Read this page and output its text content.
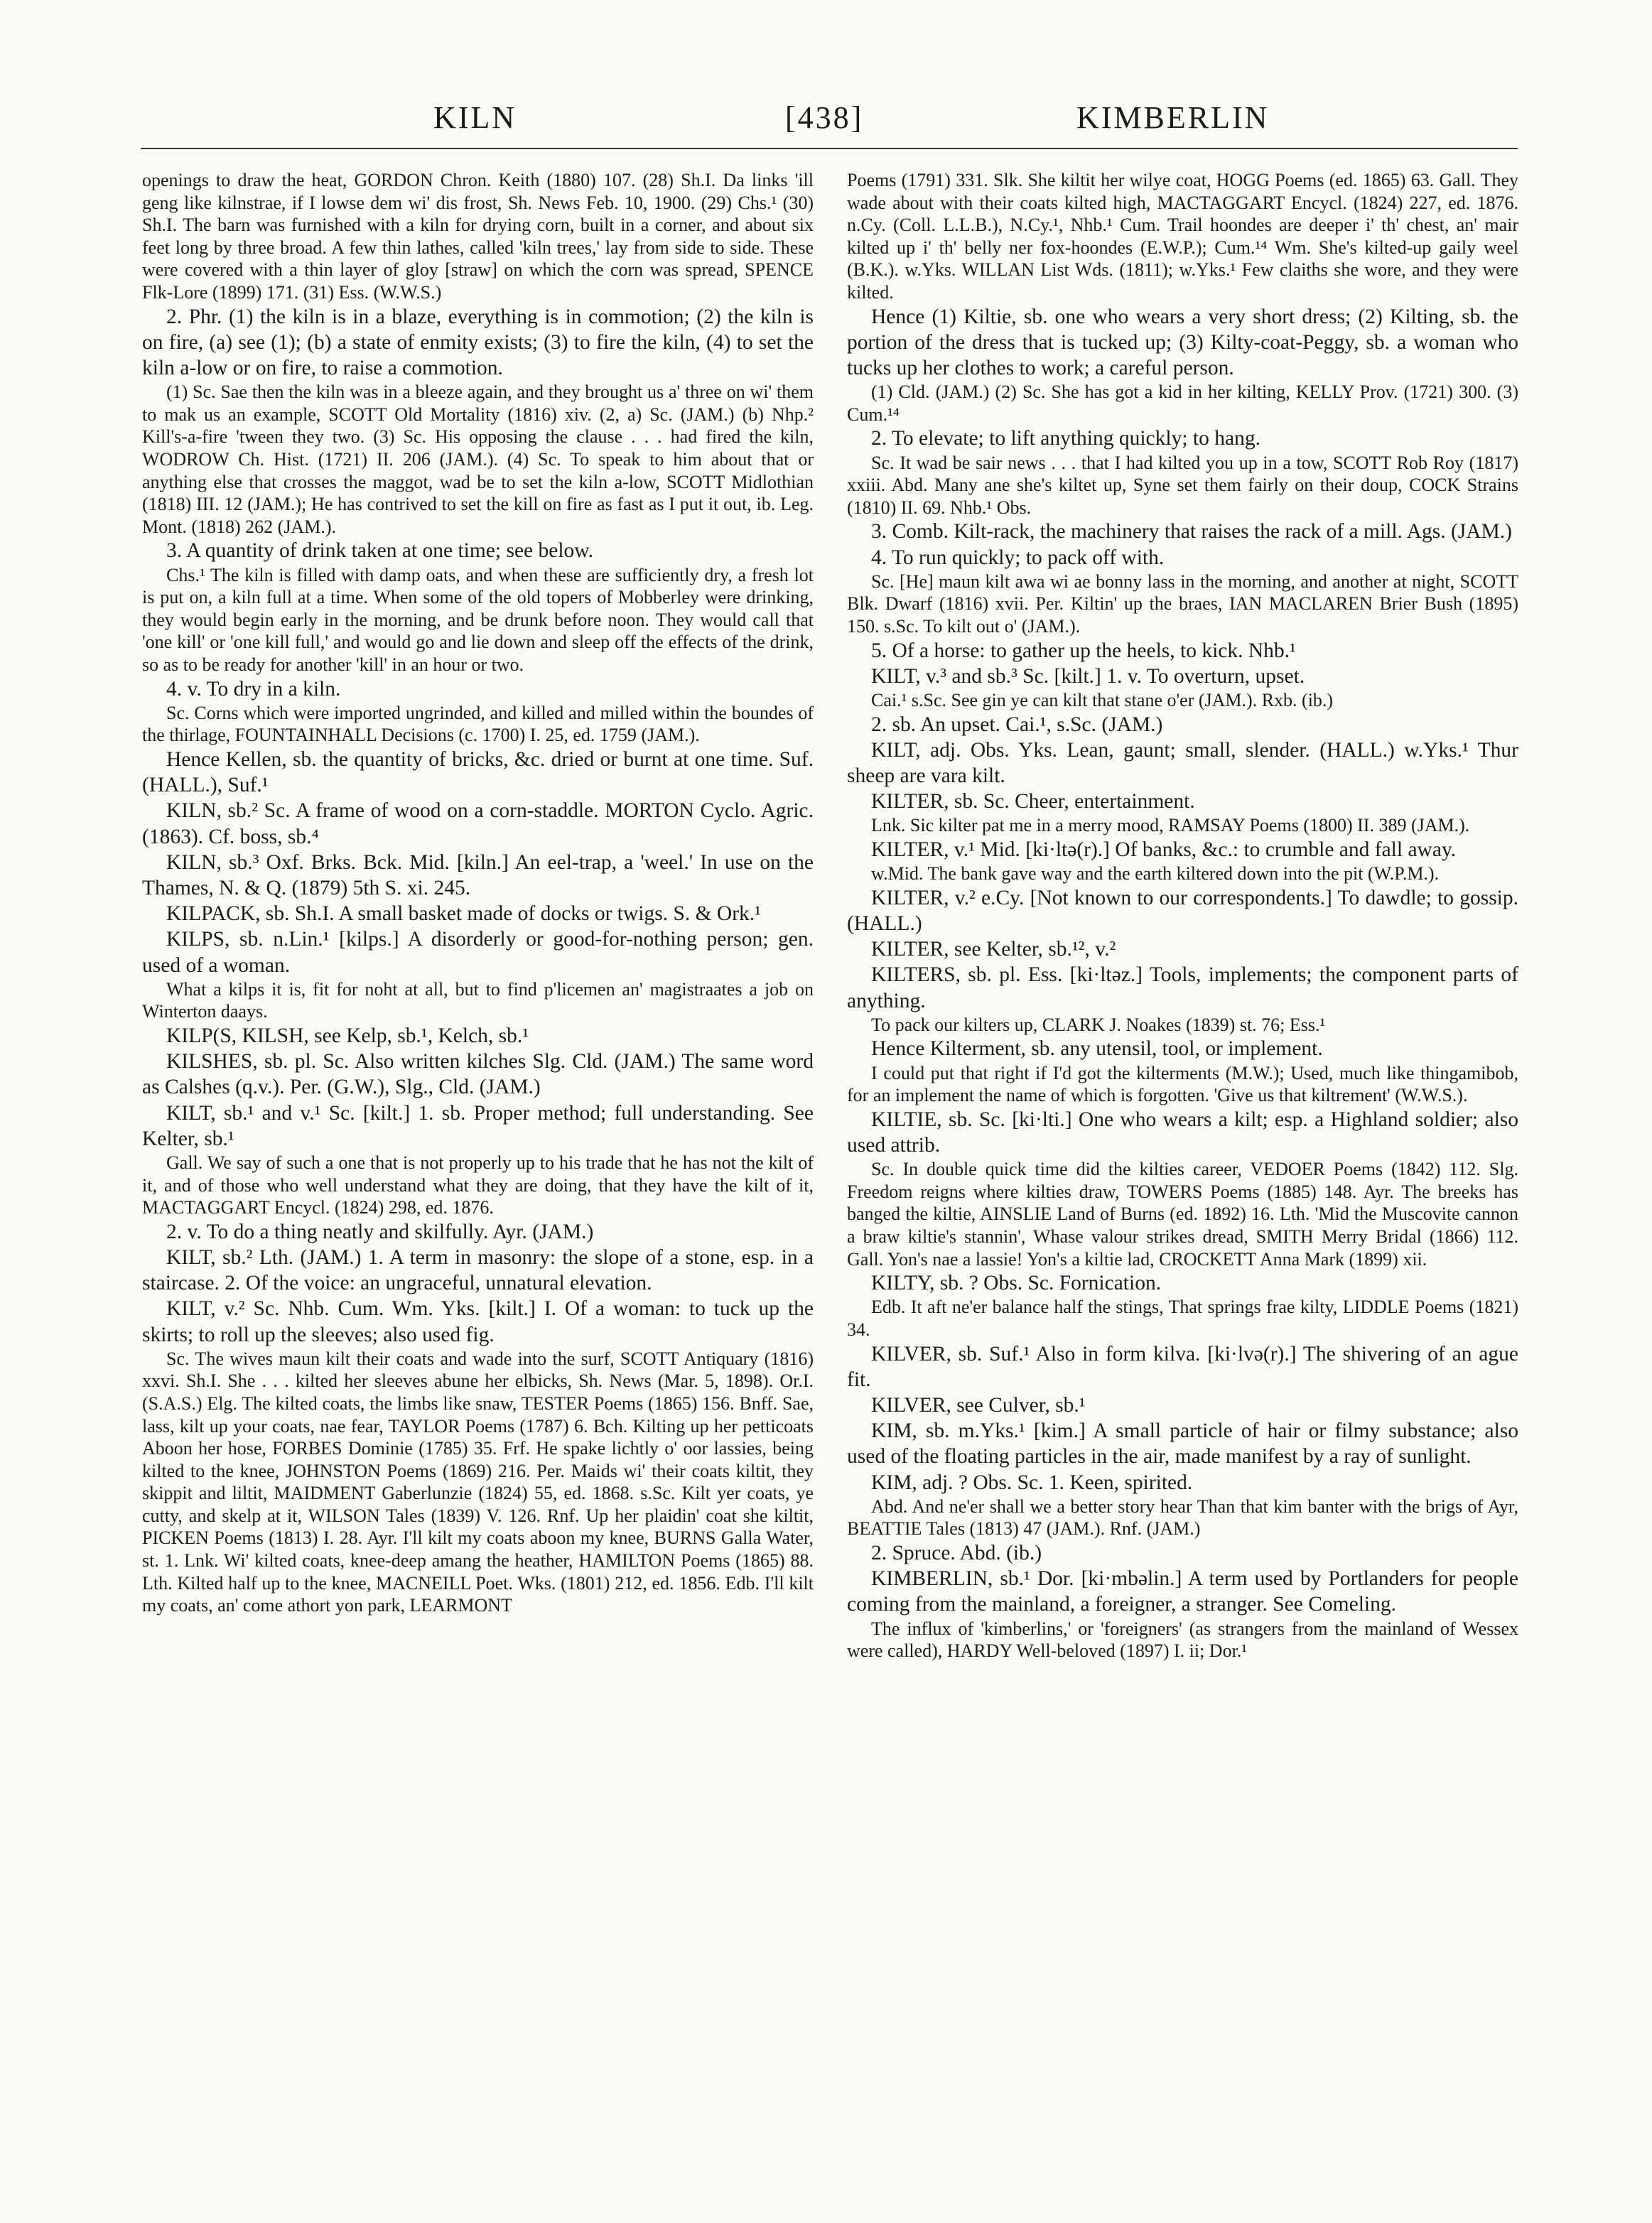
KILN	[438]	KIMBERLIN

openings to draw the heat, GORDON Chron. Keith (1880) 107. (28) Sh.I. Da links 'ill geng like kilnstrae, if I lowse dem wi' dis frost, Sh. News Feb. 10, 1900. (29) Chs.¹ (30) Sh.I. The barn was furnished with a kiln for drying corn, built in a corner, and about six feet long by three broad. A few thin lathes, called 'kiln trees,' lay from side to side. These were covered with a thin layer of gloy [straw] on which the corn was spread, SPENCE Flk-Lore (1899) 171. (31) Ess. (W.W.S.)

2. Phr. (1) the kiln is in a blaze, everything is in commotion; (2) the kiln is on fire, (a) see (1); (b) a state of enmity exists; (3) to fire the kiln, (4) to set the kiln a-low or on fire, to raise a commotion.

(1) Sc. Sae then the kiln was in a bleeze again, and they brought us a' three on wi' them to mak us an example, SCOTT Old Mortality (1816) xiv. (2, a) Sc. (JAM.) (b) Nhp.² Kill's-a-fire 'tween they two. (3) Sc. His opposing the clause . . . had fired the kiln, WODROW Ch. Hist. (1721) II. 206 (JAM.). (4) Sc. To speak to him about that or anything else that crosses the maggot, wad be to set the kiln a-low, SCOTT Midlothian (1818) III. 12 (JAM.); He has contrived to set the kill on fire as fast as I put it out, ib. Leg. Mont. (1818) 262 (JAM.).

3. A quantity of drink taken at one time; see below.

Chs.¹ The kiln is filled with damp oats, and when these are sufficiently dry, a fresh lot is put on, a kiln full at a time. When some of the old topers of Mobberley were drinking, they would begin early in the morning, and be drunk before noon. They would call that 'one kill' or 'one kill full,' and would go and lie down and sleep off the effects of the drink, so as to be ready for another 'kill' in an hour or two.

4. v. To dry in a kiln.

Sc. Corns which were imported ungrinded, and killed and milled within the boundes of the thirlage, FOUNTAINHALL Decisions (c. 1700) I. 25, ed. 1759 (JAM.).

Hence Kellen, sb. the quantity of bricks, &c. dried or burnt at one time. Suf. (HALL.), Suf.¹

KILN, sb.² Sc. A frame of wood on a corn-staddle. MORTON Cyclo. Agric. (1863). Cf. boss, sb.⁴

KILN, sb.³ Oxf. Brks. Bck. Mid. [kiln.] An eel-trap, a 'weel.' In use on the Thames, N. & Q. (1879) 5th S. xi. 245.

KILPACK, sb. Sh.I. A small basket made of docks or twigs. S. & Ork.¹

KILPS, sb. n.Lin.¹ [kilps.] A disorderly or good-for-nothing person; gen. used of a woman.

What a kilps it is, fit for noht at all, but to find p'licemen an' magistraates a job on Winterton daays.

KILP(S, KILSH, see Kelp, sb.¹, Kelch, sb.¹

KILSHES, sb. pl. Sc. Also written kilches Slg. Cld. (JAM.) The same word as Calshes (q.v.). Per. (G.W.), Slg., Cld. (JAM.)

KILT, sb.¹ and v.¹ Sc. [kilt.] 1. sb. Proper method; full understanding. See Kelter, sb.¹

Gall. We say of such a one that is not properly up to his trade that he has not the kilt of it, and of those who well understand what they are doing, that they have the kilt of it, MACTAGGART Encycl. (1824) 298, ed. 1876.

2. v. To do a thing neatly and skilfully. Ayr. (JAM.)

KILT, sb.² Lth. (JAM.) 1. A term in masonry: the slope of a stone, esp. in a staircase. 2. Of the voice: an ungraceful, unnatural elevation.

KILT, v.² Sc. Nhb. Cum. Wm. Yks. [kilt.] I. Of a woman: to tuck up the skirts; to roll up the sleeves; also used fig.

Sc. The wives maun kilt their coats and wade into the surf, SCOTT Antiquary (1816) xxvi. Sh.I. She . . . kilted her sleeves abune her elbicks, Sh. News (Mar. 5, 1898). Or.I. (S.A.S.) Elg. The kilted coats, the limbs like snaw, TESTER Poems (1865) 156. Bnff. Sae, lass, kilt up your coats, nae fear, TAYLOR Poems (1787) 6. Bch. Kilting up her petticoats Aboon her hose, FORBES Dominie (1785) 35. Frf. He spake lichtly o' oor lassies, being kilted to the knee, JOHNSTON Poems (1869) 216. Per. Maids wi' their coats kiltit, they skippit and liltit, MAIDMENT Gaberlunzie (1824) 55, ed. 1868. s.Sc. Kilt yer coats, ye cutty, and skelp at it, WILSON Tales (1839) V. 126. Rnf. Up her plaidin' coat she kiltit, PICKEN Poems (1813) I. 28. Ayr. I'll kilt my coats aboon my knee, BURNS Galla Water, st. 1. Lnk. Wi' kilted coats, knee-deep amang the heather, HAMILTON Poems (1865) 88. Lth. Kilted half up to the knee, MACNEILL Poet. Wks. (1801) 212, ed. 1856. Edb. I'll kilt my coats, an' come athort yon park, LEARMONT

Poems (1791) 331. Slk. She kiltit her wilye coat, HOGG Poems (ed. 1865) 63. Gall. They wade about with their coats kilted high, MACTAGGART Encycl. (1824) 227, ed. 1876. n.Cy. (Coll. L.L.B.), N.Cy.¹, Nhb.¹ Cum. Trail hoondes are deeper i' th' chest, an' mair kilted up i' th' belly ner fox-hoondes (E.W.P.); Cum.¹⁴ Wm. She's kilted-up gaily weel (B.K.). w.Yks. WILLAN List Wds. (1811); w.Yks.¹ Few claiths she wore, and they were kilted.

Hence (1) Kiltie, sb. one who wears a very short dress; (2) Kilting, sb. the portion of the dress that is tucked up; (3) Kilty-coat-Peggy, sb. a woman who tucks up her clothes to work; a careful person.

(1) Cld. (JAM.) (2) Sc. She has got a kid in her kilting, KELLY Prov. (1721) 300. (3) Cum.¹⁴

2. To elevate; to lift anything quickly; to hang.

Sc. It wad be sair news . . . that I had kilted you up in a tow, SCOTT Rob Roy (1817) xxiii. Abd. Many ane she's kiltet up, Syne set them fairly on their doup, COCK Strains (1810) II. 69. Nhb.¹ Obs.

3. Comb. Kilt-rack, the machinery that raises the rack of a mill. Ags. (JAM.)

4. To run quickly; to pack off with.

Sc. [He] maun kilt awa wi ae bonny lass in the morning, and another at night, SCOTT Blk. Dwarf (1816) xvii. Per. Kiltin' up the braes, IAN MACLAREN Brier Bush (1895) 150. s.Sc. To kilt out o' (JAM.).

5. Of a horse: to gather up the heels, to kick. Nhb.¹

KILT, v.³ and sb.³ Sc. [kilt.] 1. v. To overturn, upset.

Cai.¹ s.Sc. See gin ye can kilt that stane o'er (JAM.). Rxb. (ib.)

2. sb. An upset. Cai.¹, s.Sc. (JAM.)

KILT, adj. Obs. Yks. Lean, gaunt; small, slender. (HALL.) w.Yks.¹ Thur sheep are vara kilt.

KILTER, sb. Sc. Cheer, entertainment.

Lnk. Sic kilter pat me in a merry mood, RAMSAY Poems (1800) II. 389 (JAM.).

KILTER, v.¹ Mid. [ki·ltə(r).] Of banks, &c.: to crumble and fall away.

w.Mid. The bank gave way and the earth kiltered down into the pit (W.P.M.).

KILTER, v.² e.Cy. [Not known to our correspondents.] To dawdle; to gossip. (HALL.)

KILTER, see Kelter, sb.¹², v.²

KILTERS, sb. pl. Ess. [ki·ltəz.] Tools, implements; the component parts of anything.

To pack our kilters up, CLARK J. Noakes (1839) st. 76; Ess.¹

Hence Kilterment, sb. any utensil, tool, or implement.

I could put that right if I'd got the kilterments (M.W.); Used, much like thingamibob, for an implement the name of which is forgotten. 'Give us that kiltrement' (W.W.S.).

KILTIE, sb. Sc. [ki·lti.] One who wears a kilt; esp. a Highland soldier; also used attrib.

Sc. In double quick time did the kilties career, VEDOER Poems (1842) 112. Slg. Freedom reigns where kilties draw, TOWERS Poems (1885) 148. Ayr. The breeks has banged the kiltie, AINSLIE Land of Burns (ed. 1892) 16. Lth. 'Mid the Muscovite cannon a braw kiltie's stannin', Whase valour strikes dread, SMITH Merry Bridal (1866) 112. Gall. Yon's nae a lassie! Yon's a kiltie lad, CROCKETT Anna Mark (1899) xii.

KILTY, sb. ? Obs. Sc. Fornication.

Edb. It aft ne'er balance half the stings, That springs frae kilty, LIDDLE Poems (1821) 34.

KILVER, sb. Suf.¹ Also in form kilva. [ki·lvə(r).] The shivering of an ague fit.

KILVER, see Culver, sb.¹

KIM, sb. m.Yks.¹ [kim.] A small particle of hair or filmy substance; also used of the floating particles in the air, made manifest by a ray of sunlight.

KIM, adj. ? Obs. Sc. 1. Keen, spirited.

Abd. And ne'er shall we a better story hear Than that kim banter with the brigs of Ayr, BEATTIE Tales (1813) 47 (JAM.). Rnf. (JAM.)

2. Spruce. Abd. (ib.)

KIMBERLIN, sb.¹ Dor. [ki·mbəlin.] A term used by Portlanders for people coming from the mainland, a foreigner, a stranger. See Comeling.

The influx of 'kimberlins,' or 'foreigners' (as strangers from the mainland of Wessex were called), HARDY Well-beloved (1897) I. ii; Dor.¹
